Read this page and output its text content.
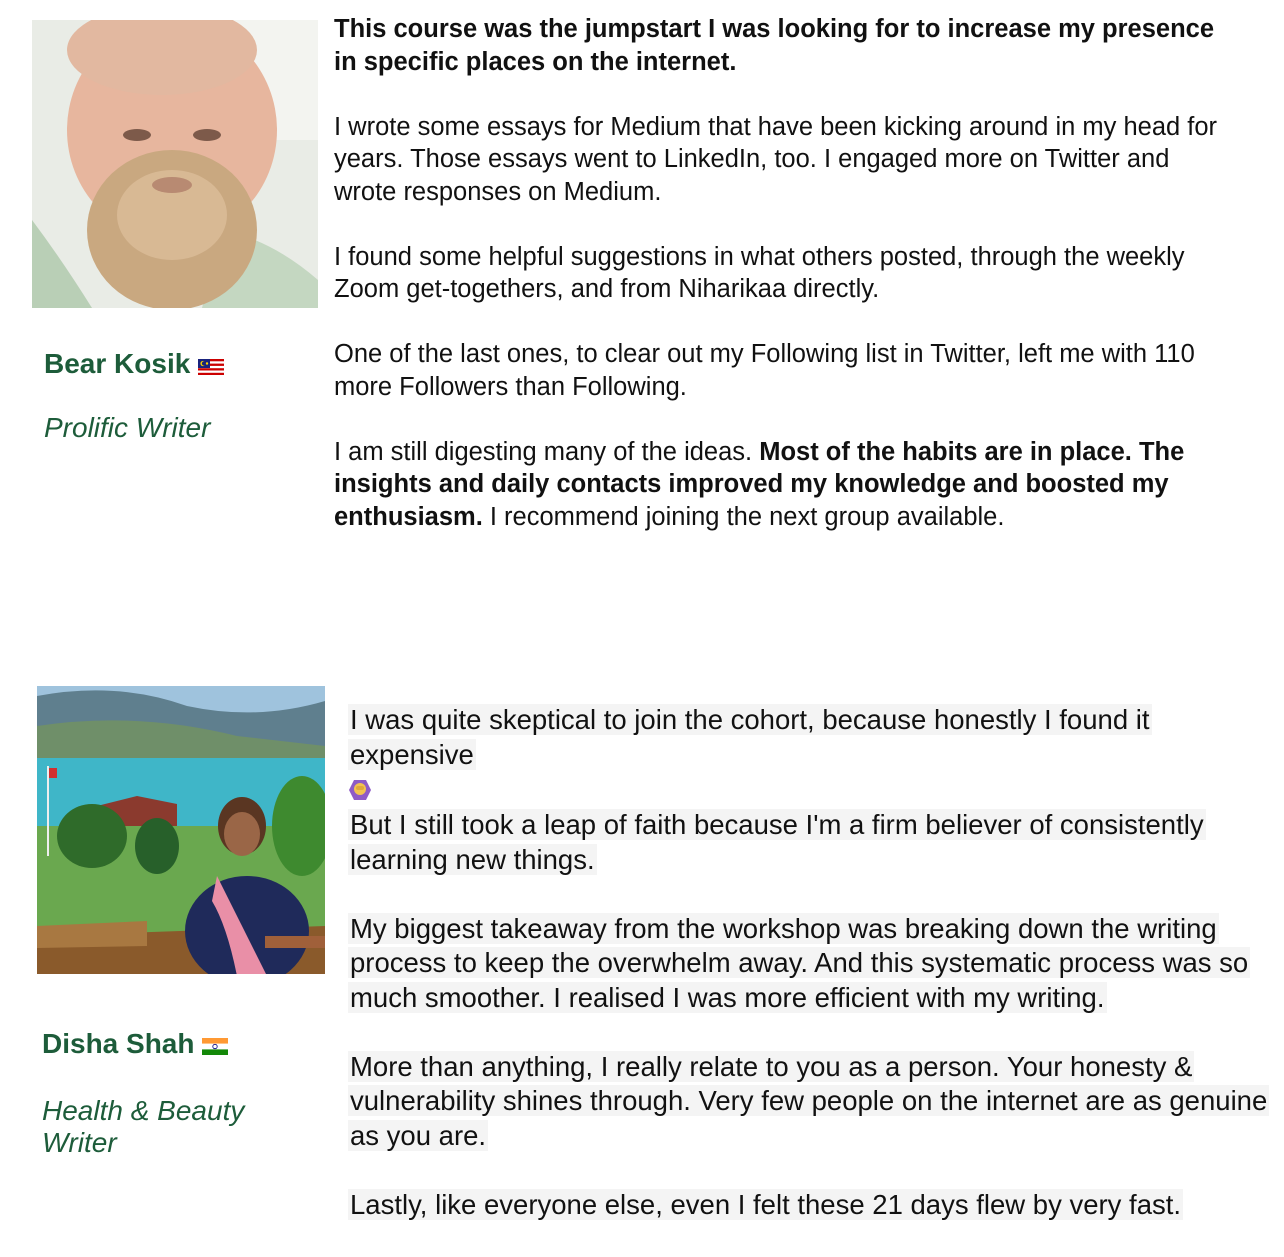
Bear Kosik
Prolific Writer

This course was the jumpstart I was looking for to increase my presence in specific places on the internet.

I wrote some essays for Medium that have been kicking around in my head for years. Those essays went to LinkedIn, too. I engaged more on Twitter and wrote responses on Medium.

I found some helpful suggestions in what others posted, through the weekly Zoom get-togethers, and from Niharikaa directly.

One of the last ones, to clear out my Following list in Twitter, left me with 110 more Followers than Following.

I am still digesting many of the ideas. Most of the habits are in place. The insights and daily contacts improved my knowledge and boosted my enthusiasm. I recommend joining the next group available.

Disha Shah
Health & Beauty Writer

I was quite skeptical to join the cohort, because honestly I found it expensive

But I still took a leap of faith because I'm a firm believer of consistently learning new things.

My biggest takeaway from the workshop was breaking down the writing process to keep the overwhelm away. And this systematic process was so much smoother. I realised I was more efficient with my writing.

More than anything, I really relate to you as a person. Your honesty & vulnerability shines through. Very few people on the internet are as genuine as you are.

Lastly, like everyone else, even I felt these 21 days flew by very fast.
